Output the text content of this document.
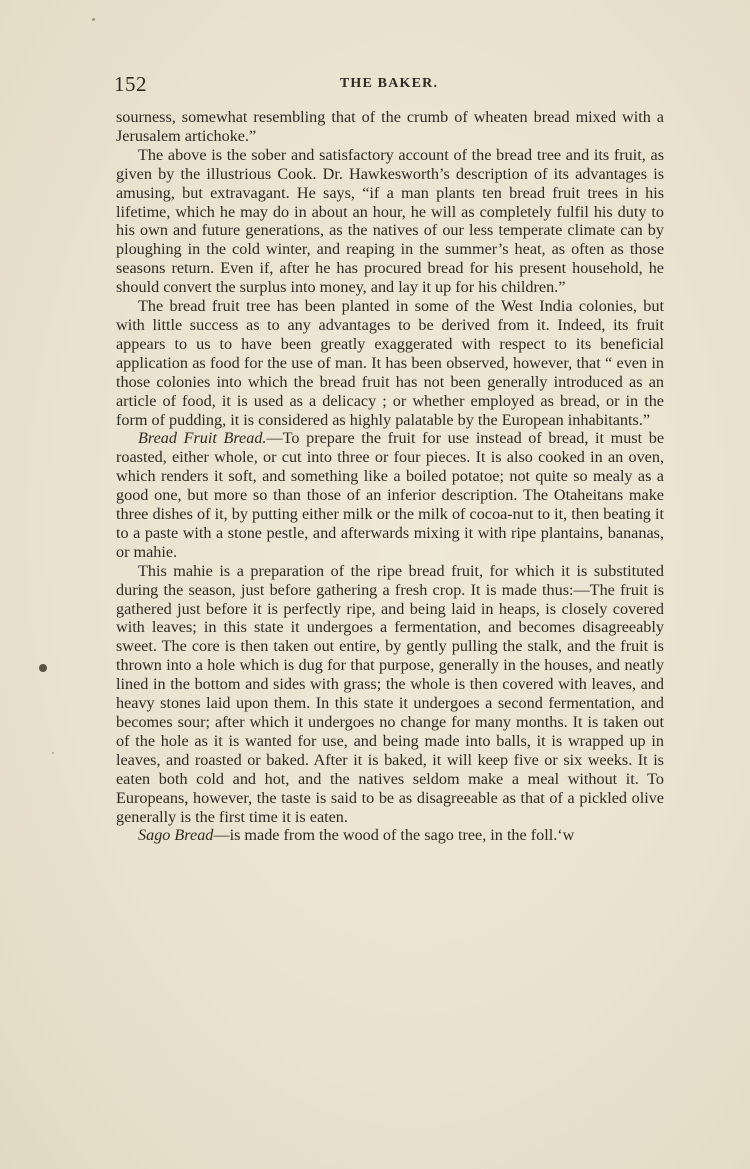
152	THE BAKER.

sourness, somewhat resembling that of the crumb of wheaten bread mixed with a Jerusalem artichoke.”

The above is the sober and satisfactory account of the bread tree and its fruit, as given by the illustrious Cook. Dr. Hawkesworth’s description of its advantages is amusing, but extravagant. He says, “if a man plants ten bread fruit trees in his lifetime, which he may do in about an hour, he will as completely fulfil his duty to his own and future generations, as the natives of our less temperate climate can by ploughing in the cold winter, and reaping in the summer’s heat, as often as those seasons return. Even if, after he has procured bread for his present household, he should convert the surplus into money, and lay it up for his children.”

The bread fruit tree has been planted in some of the West India colonies, but with little success as to any advantages to be derived from it. Indeed, its fruit appears to us to have been greatly exaggerated with respect to its beneficial application as food for the use of man. It has been observed, however, that “ even in those colonies into which the bread fruit has not been generally introduced as an article of food, it is used as a delicacy ; or whether employed as bread, or in the form of pudding, it is considered as highly palatable by the European inhabitants.”

Bread Fruit Bread.—To prepare the fruit for use instead of bread, it must be roasted, either whole, or cut into three or four pieces. It is also cooked in an oven, which renders it soft, and something like a boiled potatoe; not quite so mealy as a good one, but more so than those of an inferior description. The Otaheitans make three dishes of it, by putting either milk or the milk of cocoa-nut to it, then beating it to a paste with a stone pestle, and afterwards mixing it with ripe plantains, bananas, or mahie.

This mahie is a preparation of the ripe bread fruit, for which it is substituted during the season, just before gathering a fresh crop. It is made thus:—The fruit is gathered just before it is perfectly ripe, and being laid in heaps, is closely covered with leaves; in this state it undergoes a fermentation, and becomes disagreeably sweet. The core is then taken out entire, by gently pulling the stalk, and the fruit is thrown into a hole which is dug for that purpose, generally in the houses, and neatly lined in the bottom and sides with grass; the whole is then covered with leaves, and heavy stones laid upon them. In this state it undergoes a second fermentation, and becomes sour; after which it undergoes no change for many months. It is taken out of the hole as it is wanted for use, and being made into balls, it is wrapped up in leaves, and roasted or baked. After it is baked, it will keep five or six weeks. It is eaten both cold and hot, and the natives seldom make a meal without it. To Europeans, however, the taste is said to be as disagreeable as that of a pickled olive generally is the first time it is eaten.

Sago Bread—is made from the wood of the sago tree, in the foll.ʻw
